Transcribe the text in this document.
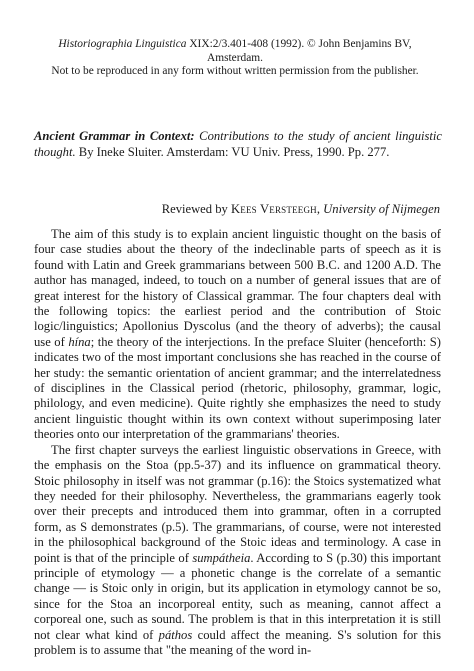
Historiographia Linguistica XIX:2/3.401-408 (1992). © John Benjamins BV, Amsterdam.
Not to be reproduced in any form without written permission from the publisher.
Ancient Grammar in Context: Contributions to the study of ancient linguistic thought. By Ineke Sluiter. Amsterdam: VU Univ. Press, 1990. Pp. 277.
Reviewed by Kees Versteegh, University of Nijmegen

The aim of this study is to explain ancient linguistic thought on the basis of four case studies about the theory of the indeclinable parts of speech as it is found with Latin and Greek grammarians between 500 B.C. and 1200 A.D. The author has managed, indeed, to touch on a number of general issues that are of great interest for the history of Classical grammar. The four chapters deal with the following topics: the earliest period and the contribution of Stoic logic/linguistics; Apollonius Dyscolus (and the theory of adverbs); the causal use of hína; the theory of the interjections. In the preface Sluiter (henceforth: S) indicates two of the most important conclusions she has reached in the course of her study: the semantic orientation of ancient grammar; and the interrelatedness of disciplines in the Classical period (rhetoric, philosophy, grammar, logic, philology, and even medicine). Quite rightly she emphasizes the need to study ancient linguistic thought within its own context without superimposing later theories onto our interpretation of the grammarians' theories.

The first chapter surveys the earliest linguistic observations in Greece, with the emphasis on the Stoa (pp.5-37) and its influence on grammatical theory. Stoic philosophy in itself was not grammar (p.16): the Stoics systematized what they needed for their philosophy. Nevertheless, the grammarians eagerly took over their precepts and introduced them into grammar, often in a corrupted form, as S demonstrates (p.5). The grammarians, of course, were not interested in the philosophical background of the Stoic ideas and terminology. A case in point is that of the principle of sumpátheia. According to S (p.30) this important principle of etymology — a phonetic change is the correlate of a semantic change — is Stoic only in origin, but its application in etymology cannot be so, since for the Stoa an incorporeal entity, such as meaning, cannot affect a corporeal one, such as sound. The problem is that in this interpretation it is still not clear what kind of páthos could affect the meaning. S's solution for this problem is to assume that "the meaning of the word in-
